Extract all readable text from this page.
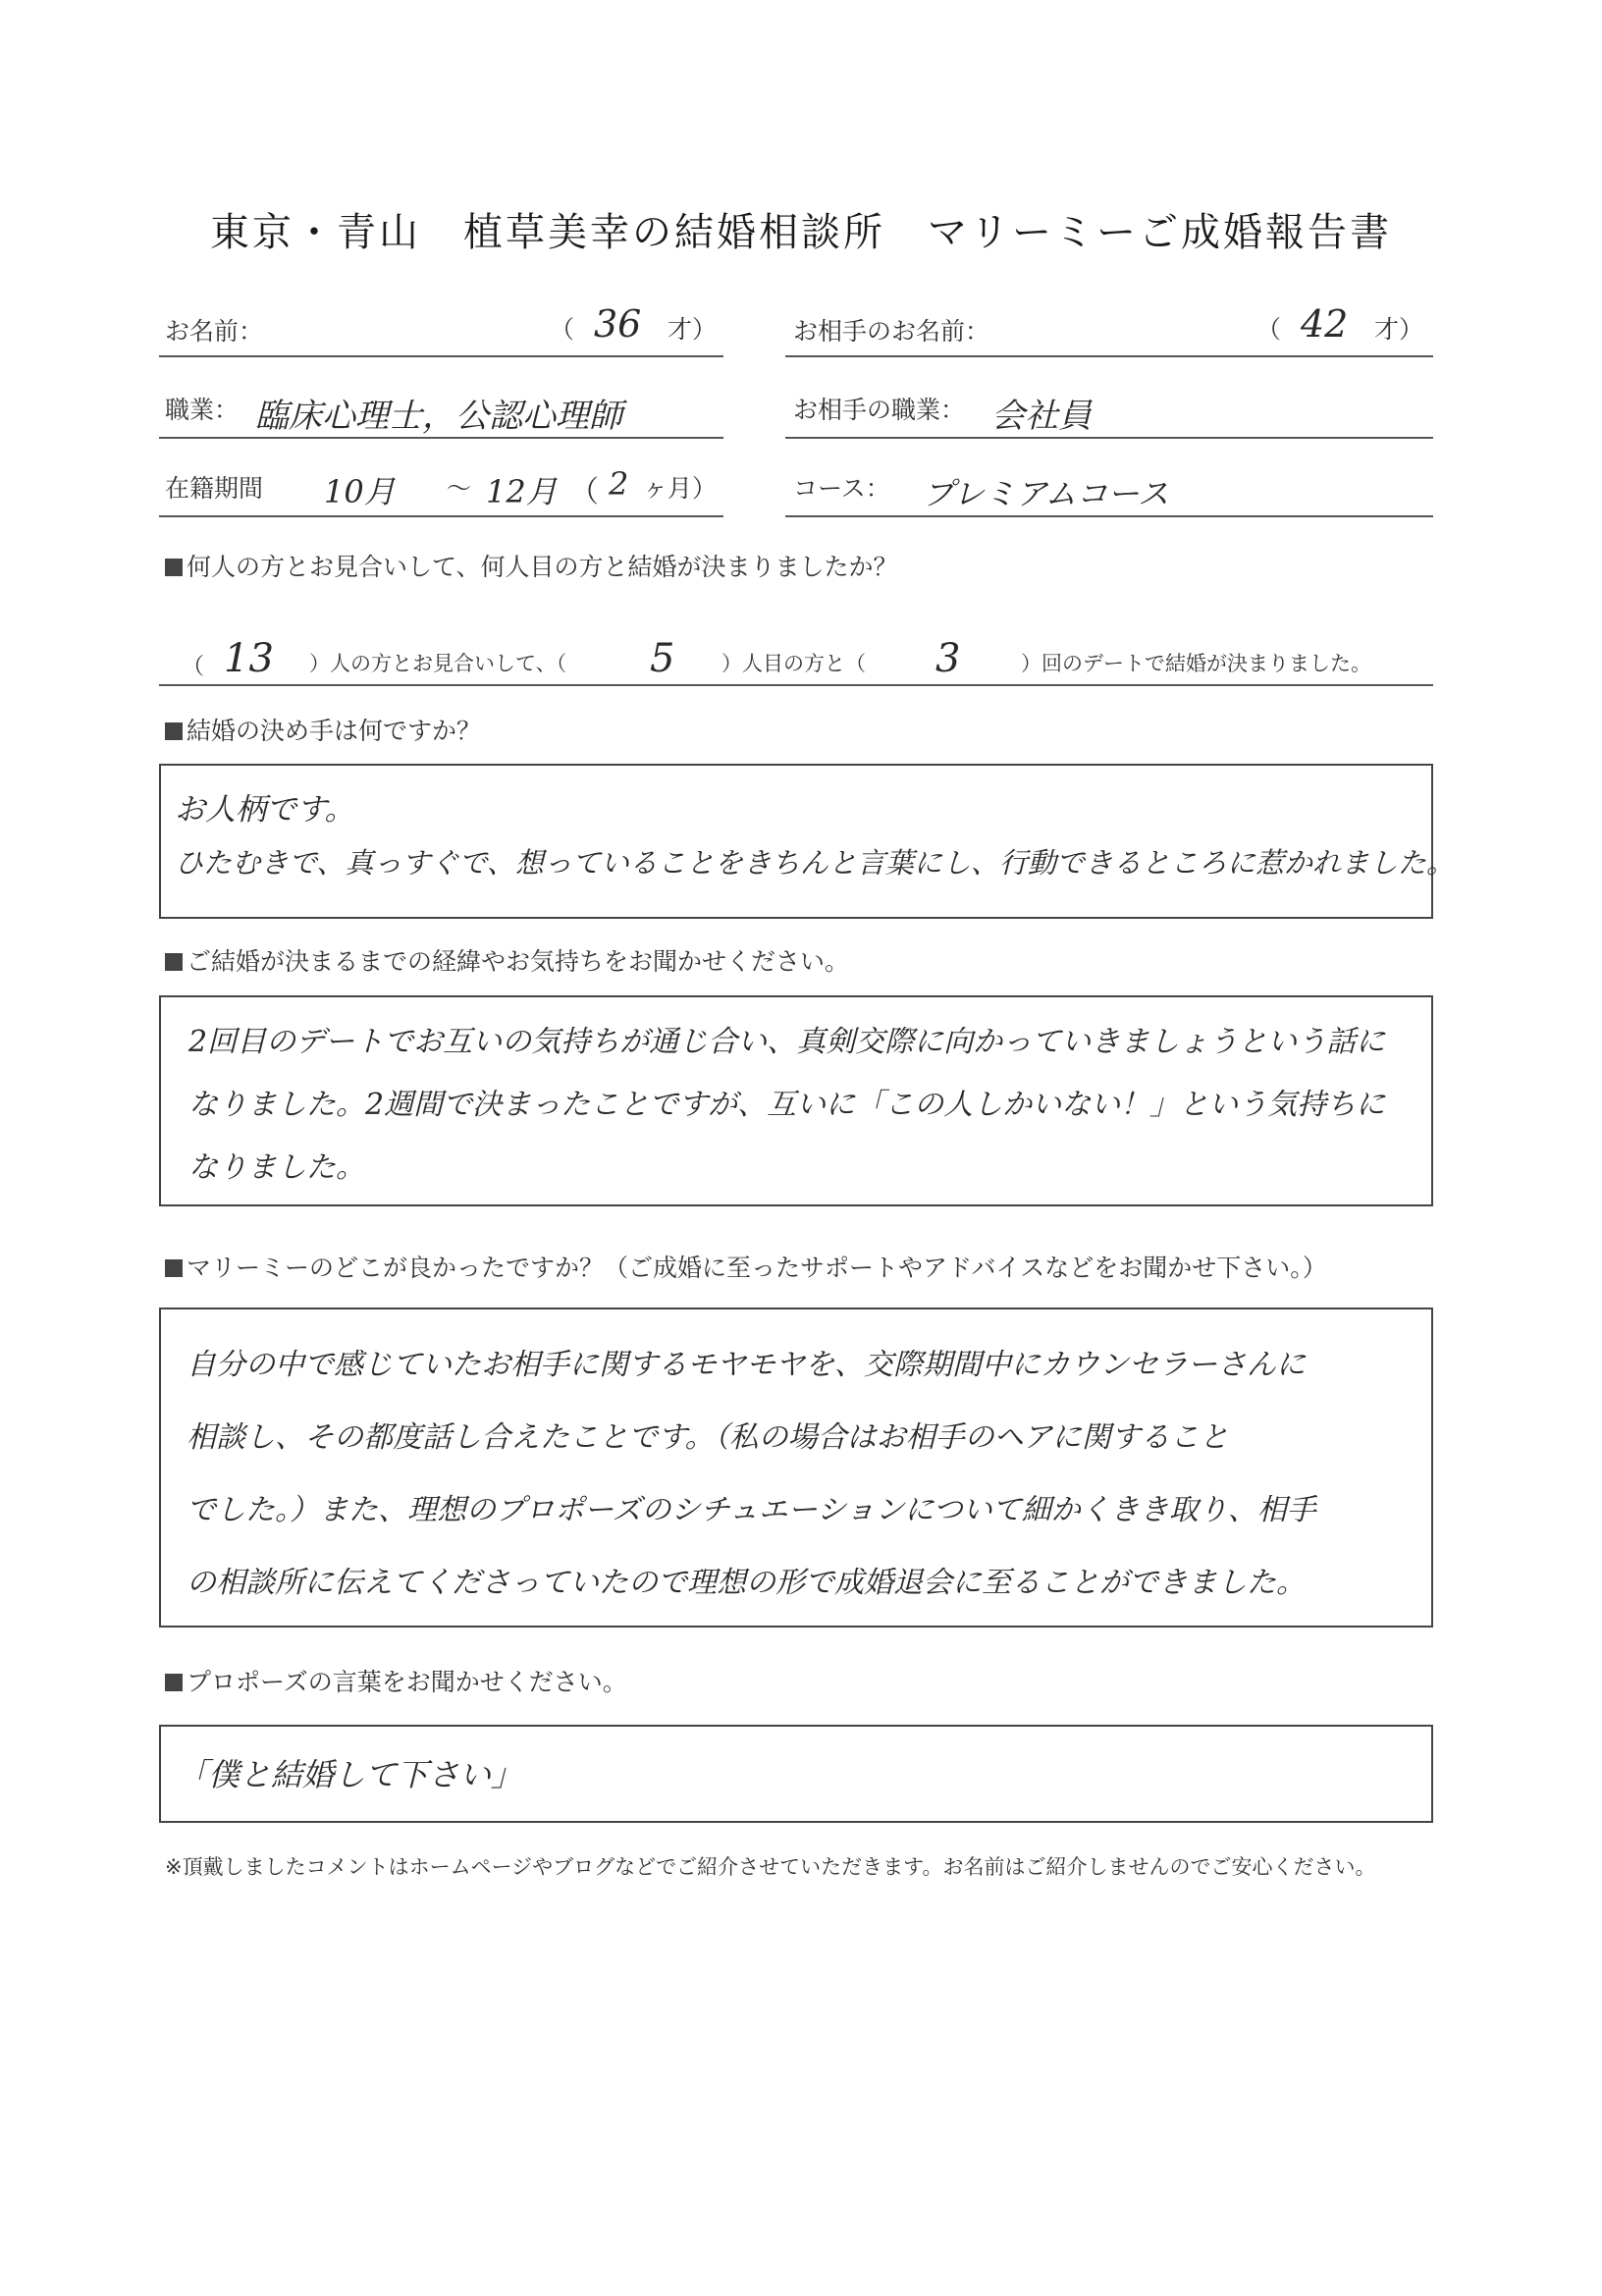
東京・青山　植草美幸の結婚相談所　マリーミーご成婚報告書
お名前：	（ 36 才）	お相手のお名前：	（ 42 才）
職業： 臨床心理士，公認心理師	お相手の職業： 会社員
在籍期間 10月 ～ 12月 （ 2 ヶ月）	コース： プレミアムコース
何人の方とお見合いして、何人目の方と結婚が決まりましたか？
（ 13 ）人の方とお見合いして、（ 5 ）人目の方と（ 3	）回のデートで結婚が決まりました。
結婚の決め手は何ですか？
お人柄です。
ひたむきで、真っすぐで、想っていることをきちんと言葉にし、行動できるところに惹かれました。
ご結婚が決まるまでの経緯やお気持ちをお聞かせください。
2回目のデートでお互いの気持ちが通じ合い、真剣交際に向かっていきましょうという話に
なりました。2週間で決まったことですが、互いに「この人しかいない！」という気持ちに
なりました。
マリーミーのどこが良かったですか？（ご成婚に至ったサポートやアドバイスなどをお聞かせ下さい。）
自分の中で感じていたお相手に関するモヤモヤを、交際期間中にカウンセラーさんに
相談し、その都度話し合えたことです。（私の場合はお相手のヘアに関すること
でした。）また、理想のプロポーズのシチュエーションについて細かくきき取り、相手
の相談所に伝えてくださっていたので理想の形で成婚退会に至ることができました。
プロポーズの言葉をお聞かせください。
「僕と結婚して下さい」
※頂戴しましたコメントはホームページやブログなどでご紹介させていただきます。お名前はご紹介しませんのでご安心ください。
